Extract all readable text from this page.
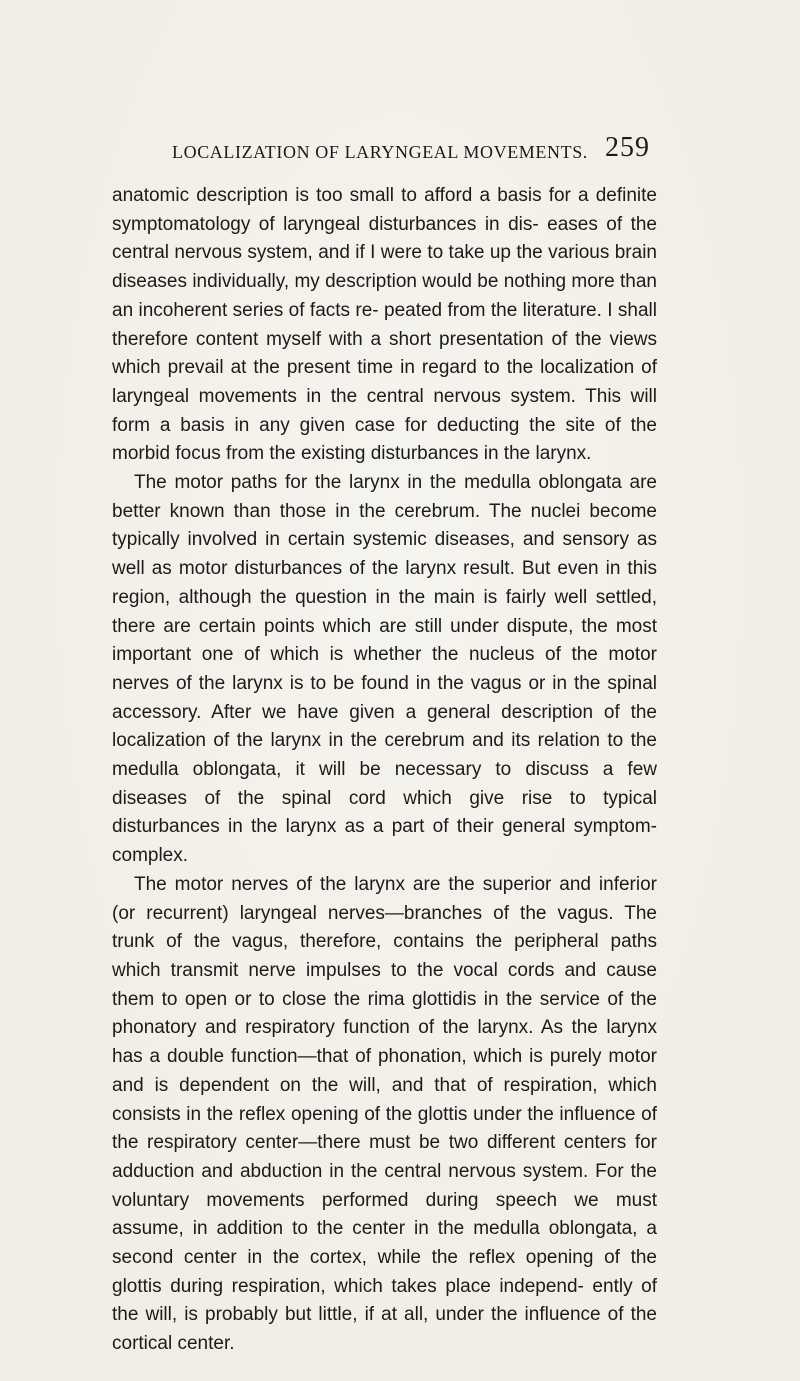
LOCALIZATION OF LARYNGEAL MOVEMENTS. 259

anatomic description is too small to afford a basis for a definite symptomatology of laryngeal disturbances in dis- eases of the central nervous system, and if I were to take up the various brain diseases individually, my description would be nothing more than an incoherent series of facts re- peated from the literature. I shall therefore content myself with a short presentation of the views which prevail at the present time in regard to the localization of laryngeal movements in the central nervous system. This will form a basis in any given case for deducting the site of the morbid focus from the existing disturbances in the larynx.

The motor paths for the larynx in the medulla oblongata are better known than those in the cerebrum. The nuclei become typically involved in certain systemic diseases, and sensory as well as motor disturbances of the larynx result. But even in this region, although the question in the main is fairly well settled, there are certain points which are still under dispute, the most important one of which is whether the nucleus of the motor nerves of the larynx is to be found in the vagus or in the spinal accessory. After we have given a general description of the localization of the larynx in the cerebrum and its relation to the medulla oblongata, it will be necessary to discuss a few diseases of the spinal cord which give rise to typical disturbances in the larynx as a part of their general symptom-complex.

The motor nerves of the larynx are the superior and inferior (or recurrent) laryngeal nerves—branches of the vagus. The trunk of the vagus, therefore, contains the peripheral paths which transmit nerve impulses to the vocal cords and cause them to open or to close the rima glottidis in the service of the phonatory and respiratory function of the larynx. As the larynx has a double function—that of phonation, which is purely motor and is dependent on the will, and that of respiration, which consists in the reflex opening of the glottis under the influence of the respiratory center—there must be two different centers for adduction and abduction in the central nervous system. For the voluntary movements performed during speech we must assume, in addition to the center in the medulla oblongata, a second center in the cortex, while the reflex opening of the glottis during respiration, which takes place independ- ently of the will, is probably but little, if at all, under the influence of the cortical center.
